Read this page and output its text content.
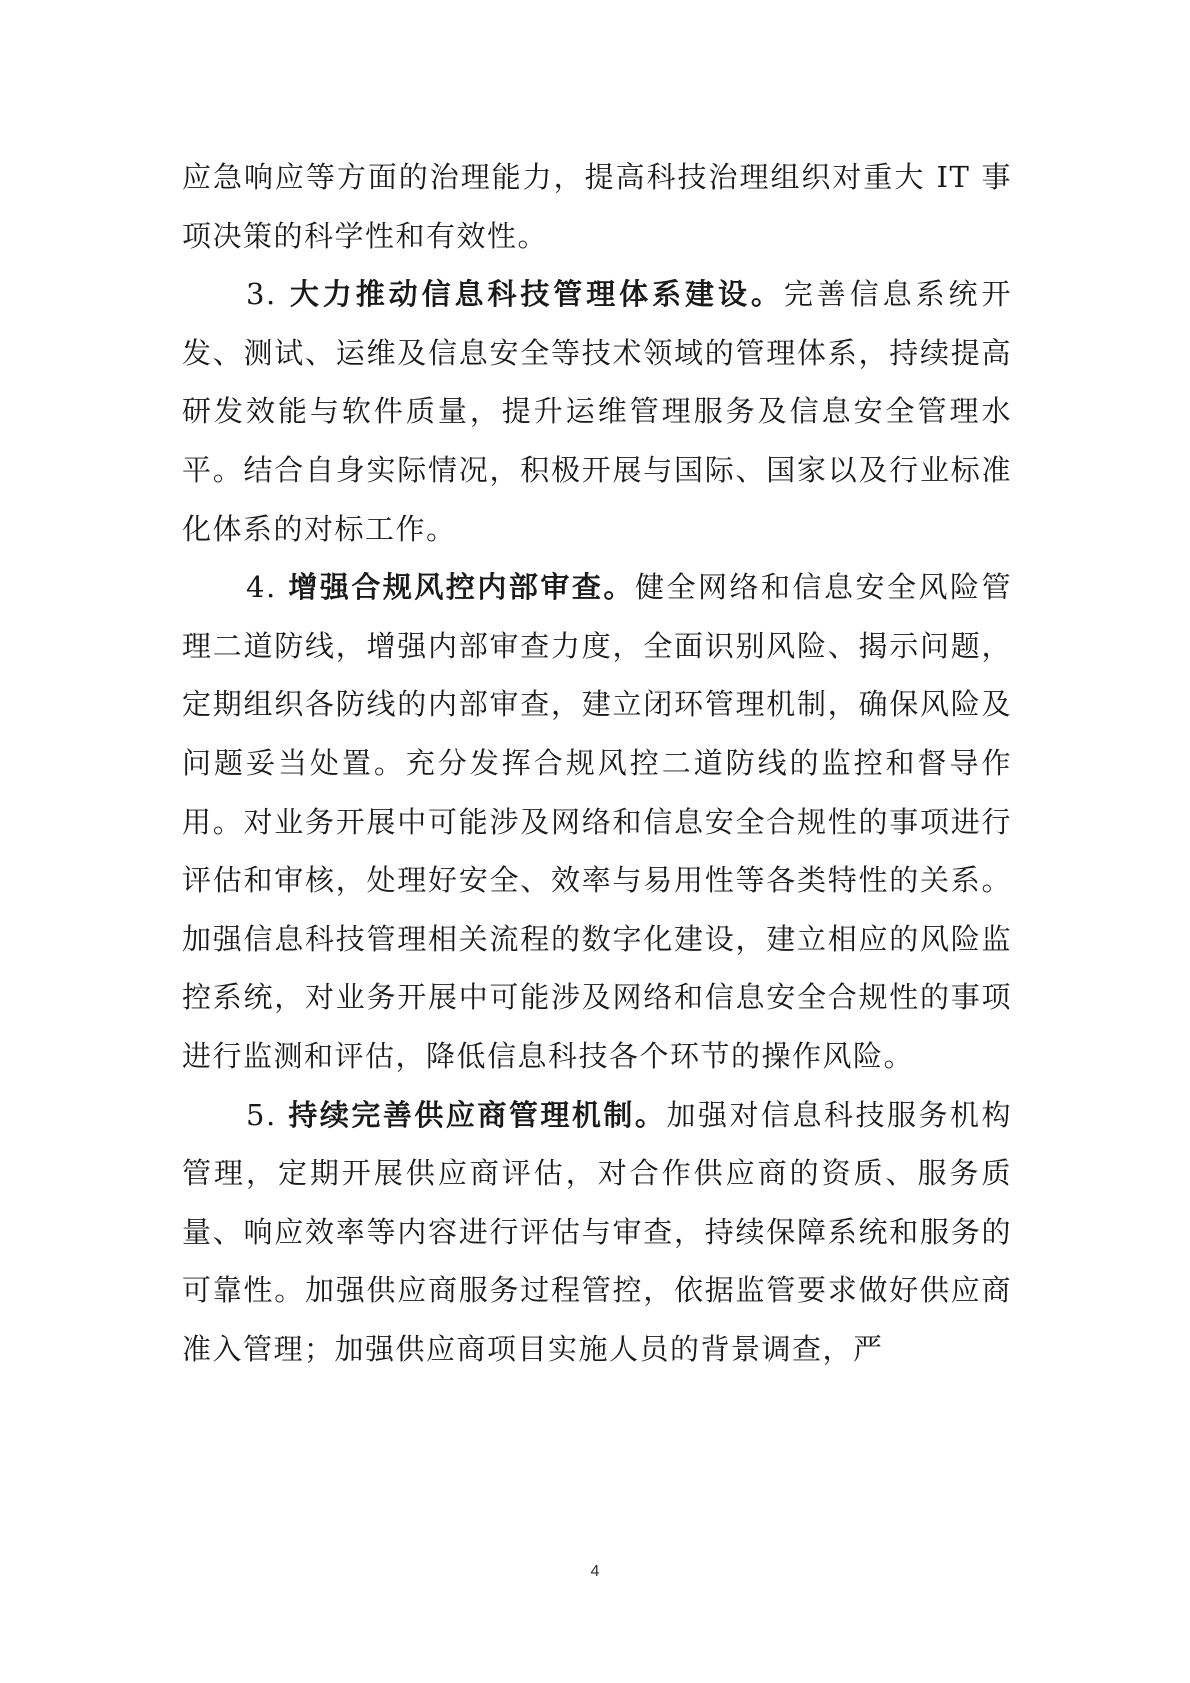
应急响应等方面的治理能力，提高科技治理组织对重大 IT 事项决策的科学性和有效性。

3. 大力推动信息科技管理体系建设。完善信息系统开发、测试、运维及信息安全等技术领域的管理体系，持续提高研发效能与软件质量，提升运维管理服务及信息安全管理水平。结合自身实际情况，积极开展与国际、国家以及行业标准化体系的对标工作。

4. 增强合规风控内部审查。健全网络和信息安全风险管理二道防线，增强内部审查力度，全面识别风险、揭示问题，定期组织各防线的内部审查，建立闭环管理机制，确保风险及问题妥当处置。充分发挥合规风控二道防线的监控和督导作用。对业务开展中可能涉及网络和信息安全合规性的事项进行评估和审核，处理好安全、效率与易用性等各类特性的关系。加强信息科技管理相关流程的数字化建设，建立相应的风险监控系统，对业务开展中可能涉及网络和信息安全合规性的事项进行监测和评估，降低信息科技各个环节的操作风险。

5. 持续完善供应商管理机制。加强对信息科技服务机构管理，定期开展供应商评估，对合作供应商的资质、服务质量、响应效率等内容进行评估与审查，持续保障系统和服务的可靠性。加强供应商服务过程管控，依据监管要求做好供应商准入管理；加强供应商项目实施人员的背景调查，严

4
